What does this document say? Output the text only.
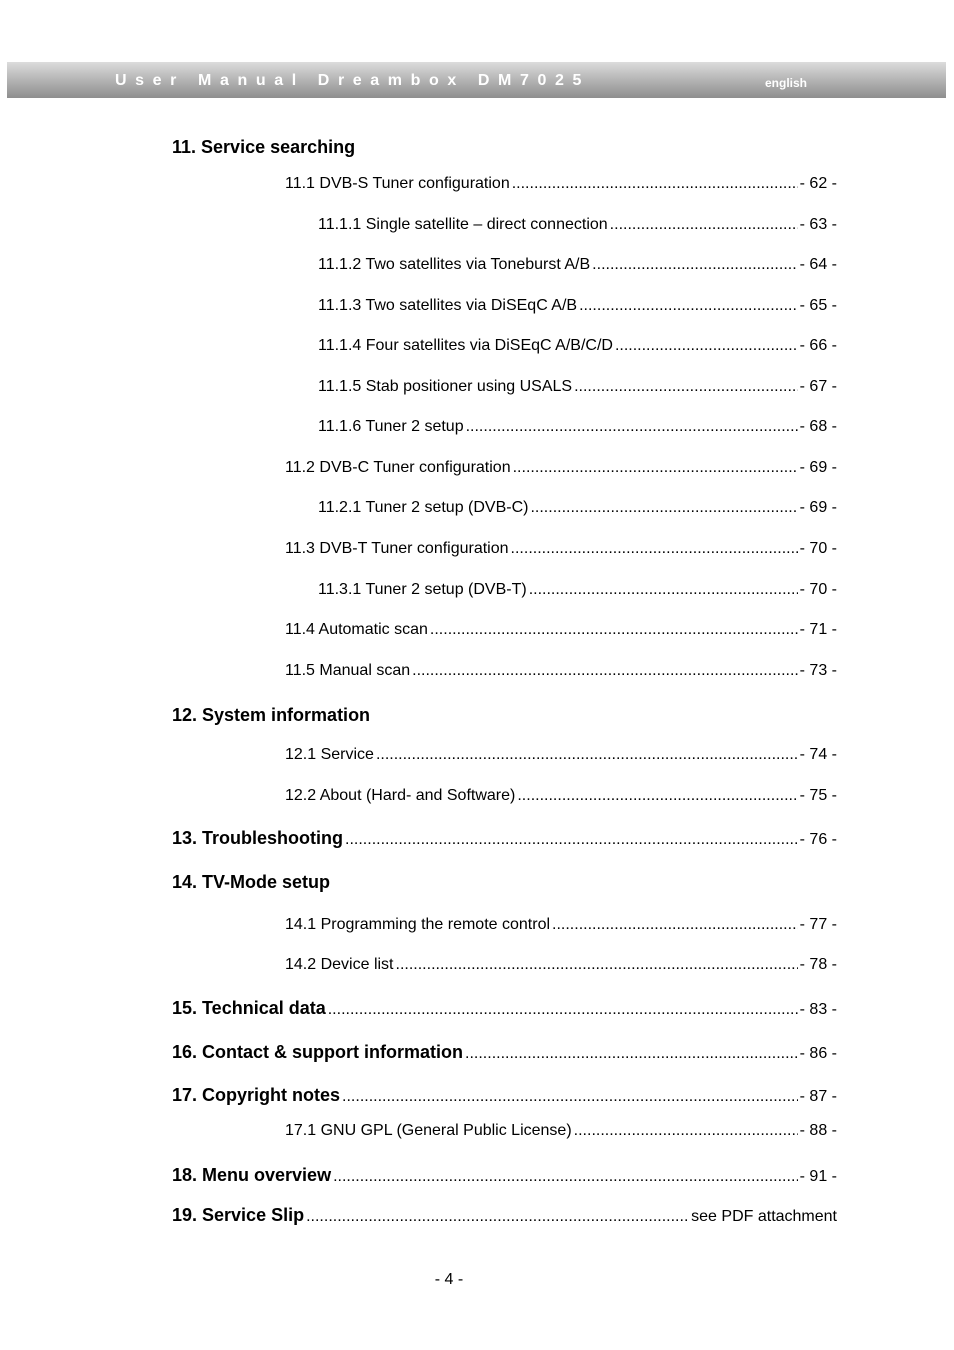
User Manual Dreambox DM7025	english
11. Service searching
11.1 DVB-S Tuner configuration .....	- 62 -
11.1.1 Single satellite – direct connection .....	- 63 -
11.1.2 Two satellites via Toneburst A/B .....	- 64 -
11.1.3 Two satellites via DiSEqC A/B .....	- 65 -
11.1.4 Four satellites via DiSEqC A/B/C/D .....	- 66 -
11.1.5 Stab positioner using USALS .....	- 67 -
11.1.6 Tuner 2 setup .....	- 68 -
11.2 DVB-C Tuner configuration .....	- 69 -
11.2.1 Tuner 2 setup (DVB-C) .....	- 69 -
11.3 DVB-T Tuner configuration .....	- 70 -
11.3.1 Tuner 2 setup (DVB-T) .....	- 70 -
11.4 Automatic scan .....	- 71 -
11.5 Manual scan .....	- 73 -
12. System information
12.1 Service .....	- 74 -
12.2 About (Hard- and Software) .....	- 75 -
13. Troubleshooting .....	- 76 -
14. TV-Mode setup
14.1 Programming the remote control .....	- 77 -
14.2 Device list .....	- 78 -
15. Technical data .....	- 83 -
16. Contact & support information .....	- 86 -
17. Copyright notes .....	- 87 -
17.1 GNU GPL (General Public License) .....	- 88 -
18. Menu overview .....	- 91 -
19. Service Slip .....	see PDF attachment
- 4 -
